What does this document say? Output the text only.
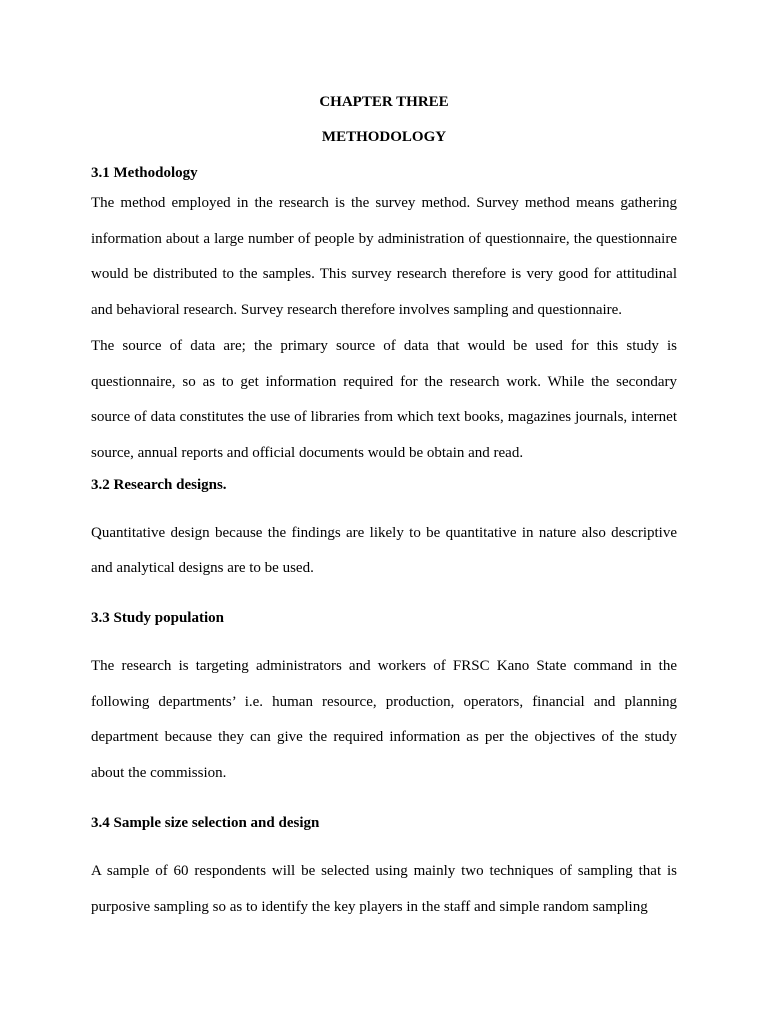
CHAPTER THREE

METHODOLOGY

3.1 Methodology

The method employed in the research is the survey method. Survey method means gathering information about a large number of people by administration of questionnaire, the questionnaire would be distributed to the samples. This survey research therefore is very good for attitudinal and behavioral research. Survey research therefore involves sampling and questionnaire.

The source of data are; the primary source of data that would be used for this study is questionnaire, so as to get information required for the research work. While the secondary source of data constitutes the use of libraries from which text books, magazines journals, internet source, annual reports and official documents would be obtain and read.

3.2 Research designs.

Quantitative design because the findings are likely to be quantitative in nature also descriptive and analytical designs are to be used.

3.3 Study population

The research is targeting administrators and workers of FRSC Kano State command in the following departments’ i.e. human resource, production, operators, financial and planning department because they can give the required information as per the objectives of the study about the commission.

3.4 Sample size selection and design

A sample of 60 respondents will be selected using mainly two techniques of sampling that is purposive sampling so as to identify the key players in the staff and simple random sampling
